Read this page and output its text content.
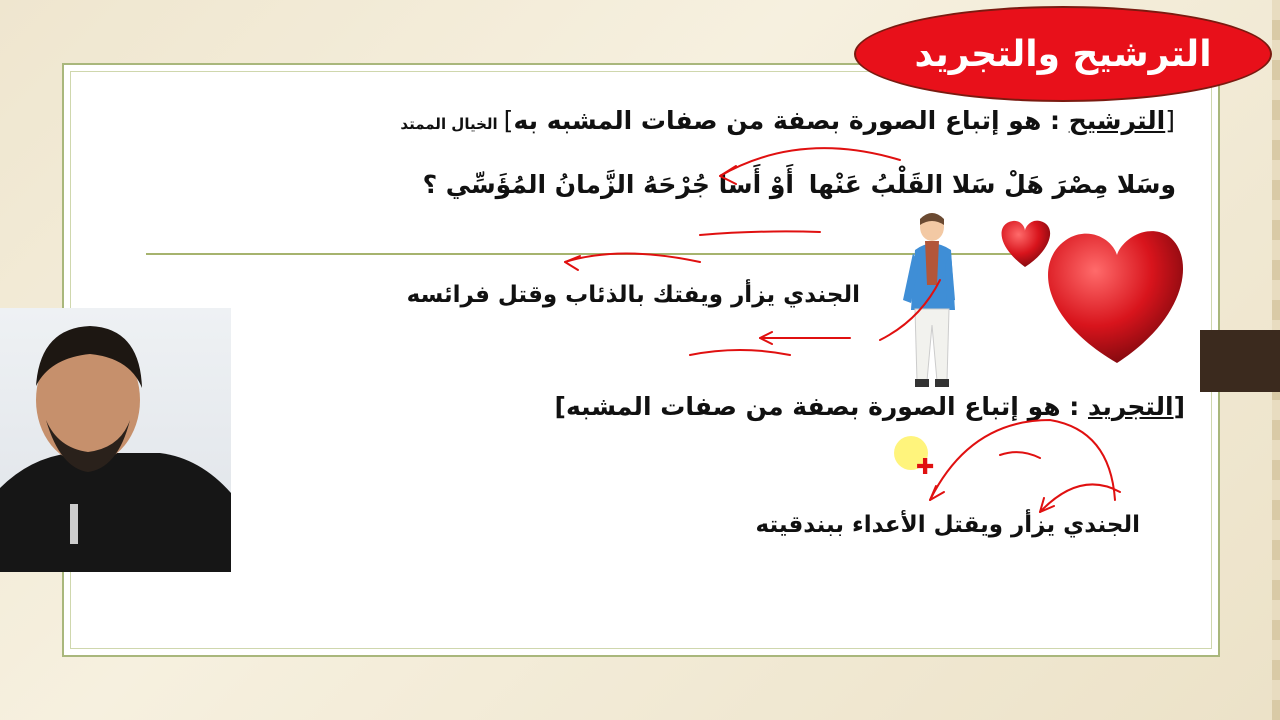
الترشيح والتجريد
[الترشيح : هو إتباع الصورة بصفة من صفات المشبه به]الخيال الممتد
وسَلا مِصْرَ هَلْ سَلا القَلْبُ عَنْها
أَوْ أَسا جُرْحَهُ الزَّمانُ المُؤَسِّي ؟
الجندي يزأر ويفتك بالذئاب وقتل فرائسه
[التجريد : هو إتباع الصورة بصفة من صفات المشبه]
الجندي يزأر ويقتل الأعداء ببندقيته
✚
